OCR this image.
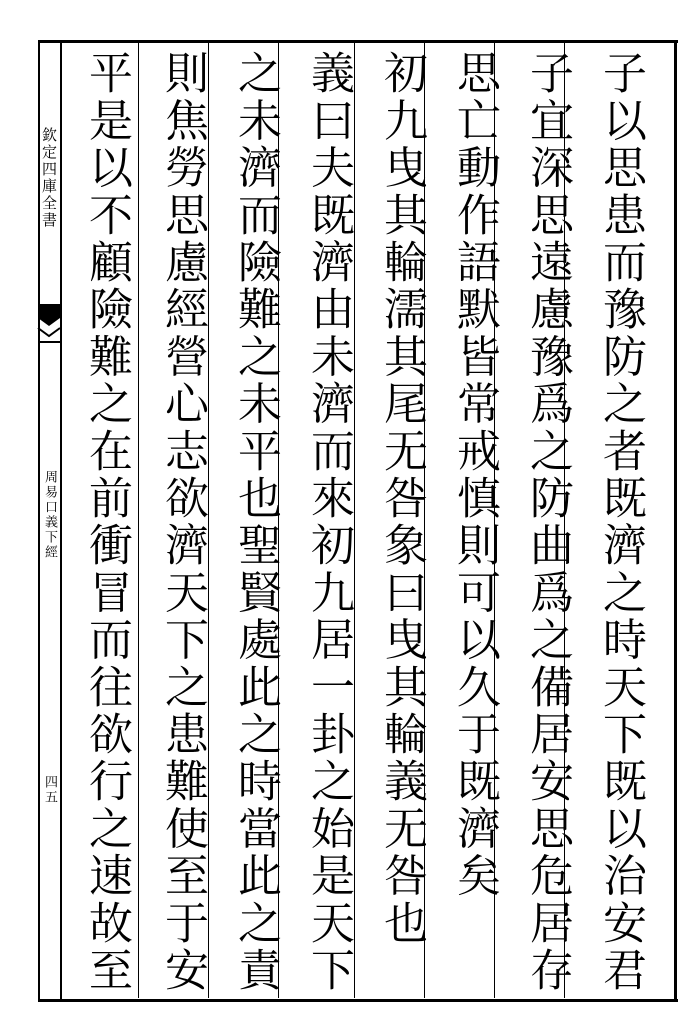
欽定四庫全書
周易口義下經
四五	子以思患而豫防之者既濟之時天下既以治安君
子宜深思遠慮豫爲之防曲爲之備居安思危居存
思亡動作語默皆常戒慎則可以久于既濟矣
初九曳其輪濡其尾无咎象曰曳其輪義无咎也
義曰夫既濟由未濟而來初九居一卦之始是天下
之未濟而險難之未平也聖賢處此之時當此之責
則焦勞思慮經營心志欲濟天下之患難使至于安
平是以不顧險難之在前衝冒而往欲行之速故至
